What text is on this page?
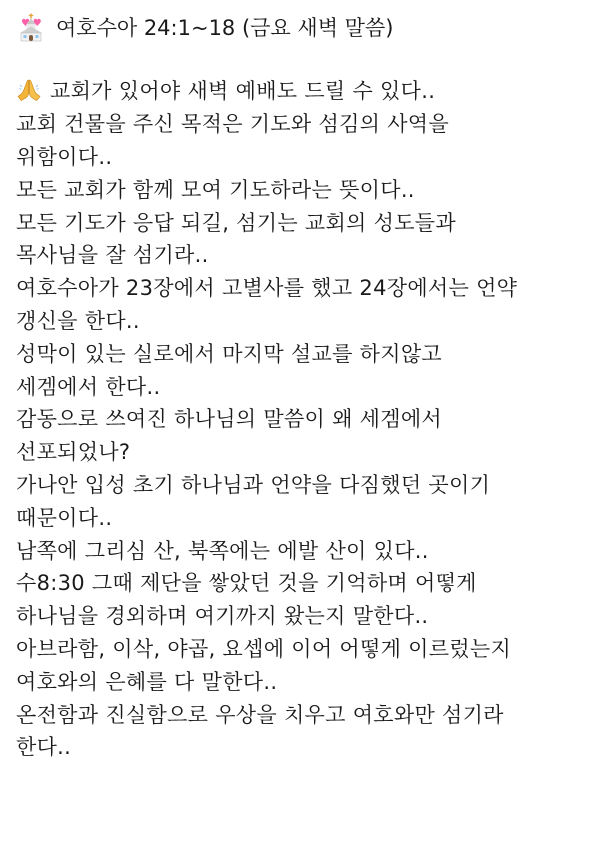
여호수아 24:1~18 (금요 새벽 말씀)
교회가 있어야 새벽 예배도 드릴 수 있다..
교회 건물을 주신 목적은 기도와 섬김의 사역을
위함이다..
모든 교회가 함께 모여 기도하라는 뜻이다..
모든 기도가 응답 되길, 섬기는 교회의 성도들과
목사님을 잘 섬기라..
여호수아가 23장에서 고별사를 했고 24장에서는 언약
갱신을 한다..
성막이 있는 실로에서 마지막 설교를 하지않고
세겜에서 한다..
감동으로 쓰여진 하나님의 말씀이 왜 세겜에서
선포되었나?
가나안 입성 초기 하나님과 언약을 다짐했던 곳이기
때문이다..
남쪽에 그리심 산, 북쪽에는 에발 산이 있다..
수8:30 그때 제단을 쌓았던 것을 기억하며 어떻게
하나님을 경외하며 여기까지 왔는지 말한다..
아브라함, 이삭, 야곱, 요셉에 이어 어떻게 이르렀는지
여호와의 은혜를 다 말한다..
온전함과 진실함으로 우상을 치우고 여호와만 섬기라
한다..
